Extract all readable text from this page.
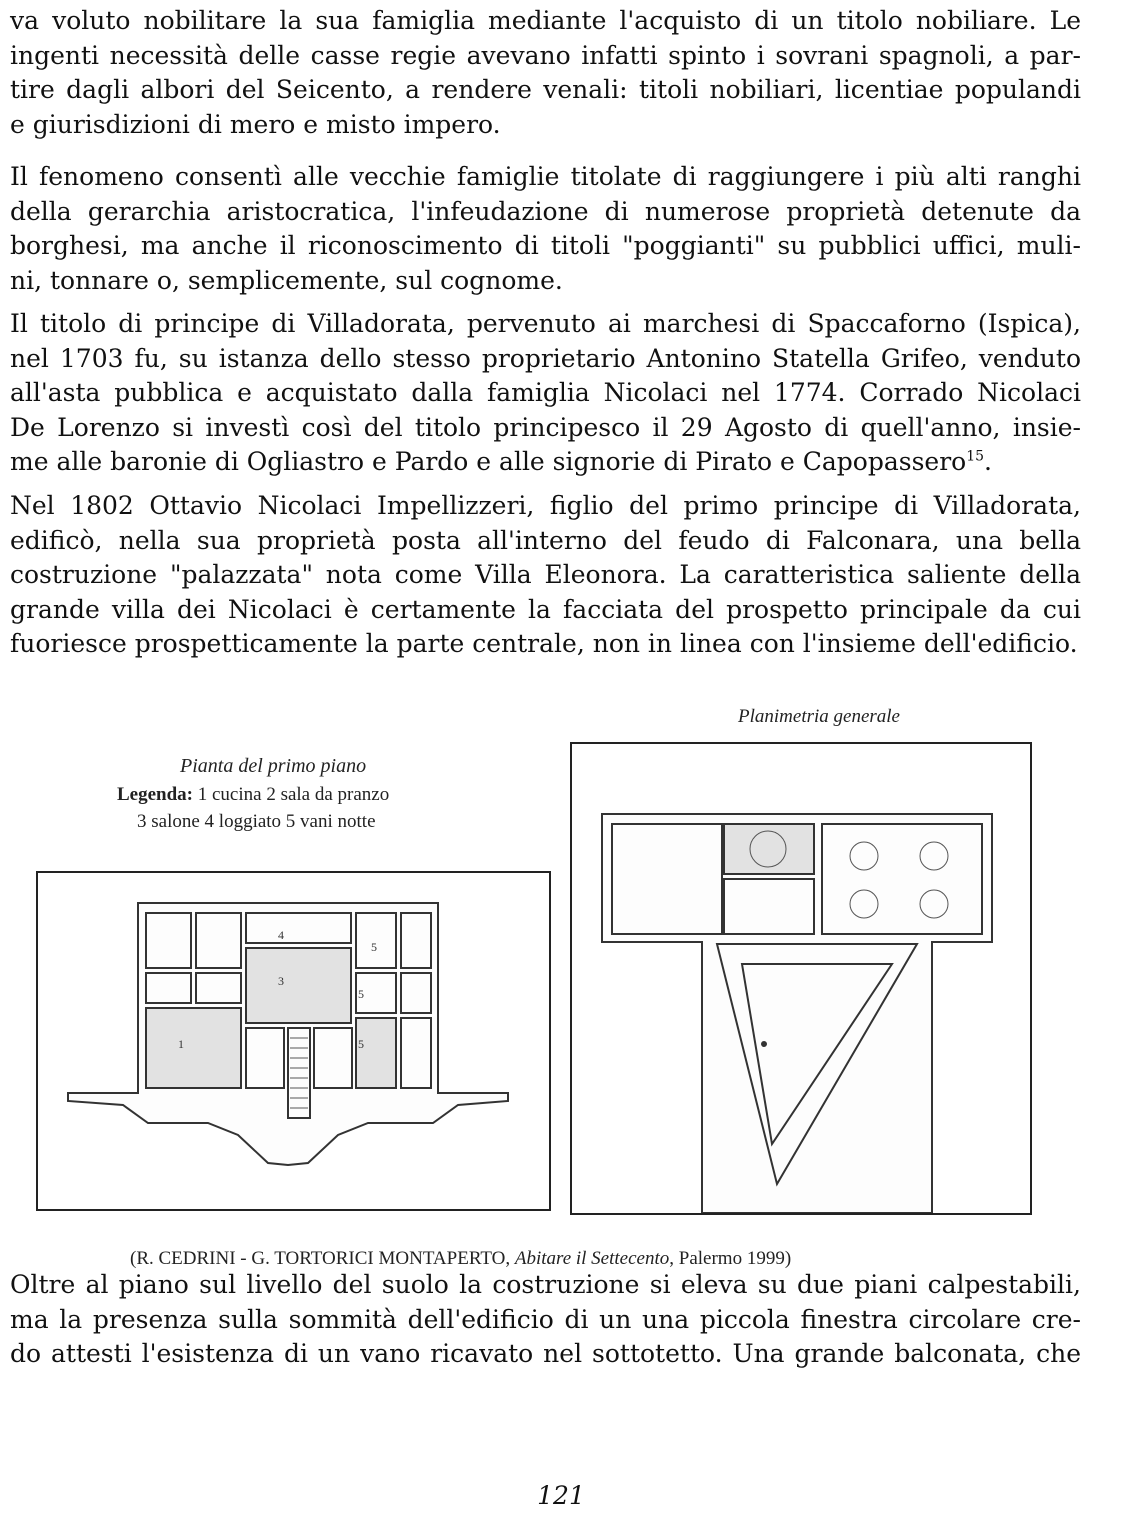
va voluto nobilitare la sua famiglia mediante l'acquisto di un titolo nobiliare. Le
ingenti necessità delle casse regie avevano infatti spinto i sovrani spagnoli, a par-
tire dagli albori del Seicento, a rendere venali: titoli nobiliari, licentiae populandi
e giurisdizioni di mero e misto impero.
Il fenomeno consentì alle vecchie famiglie titolate di raggiungere i più alti ranghi
della gerarchia aristocratica, l'infeudazione di numerose proprietà detenute da
borghesi, ma anche il riconoscimento di titoli "poggianti" su pubblici uffici, muli-
ni, tonnare o, semplicemente, sul cognome.
Il titolo di principe di Villadorata, pervenuto ai marchesi di Spaccaforno (Ispica),
nel 1703 fu, su istanza dello stesso proprietario Antonino Statella Grifeo, venduto
all'asta pubblica e acquistato dalla famiglia Nicolaci nel 1774. Corrado Nicolaci
De Lorenzo si investì così del titolo principesco il 29 Agosto di quell'anno, insie-
me alle baronie di Ogliastro e Pardo e alle signorie di Pirato e Capopassero$^{15}$.
Nel 1802 Ottavio Nicolaci Impellizzeri, figlio del primo principe di Villadorata,
edificò, nella sua proprietà posta all'interno del feudo di Falconara, una bella
costruzione "palazzata" nota come Villa Eleonora. La caratteristica saliente della
grande villa dei Nicolaci è certamente la facciata del prospetto principale da cui
fuoriesce prospetticamente la parte centrale, non in linea con l'insieme dell'edificio.
Planimetria generale
Pianta del primo piano
Legenda: 1 cucina 2 sala da pranzo
3 salone 4 loggiato 5 vani notte
1
3
4
5
5
5
(R. CEDRINI - G. TORTORICI MONTAPERTO, Abitare il Settecento, Palermo 1999)
Oltre al piano sul livello del suolo la costruzione si eleva su due piani calpestabili,
ma la presenza sulla sommità dell'edificio di un una piccola finestra circolare cre-
do attesti l'esistenza di un vano ricavato nel sottotetto. Una grande balconata, che
121
